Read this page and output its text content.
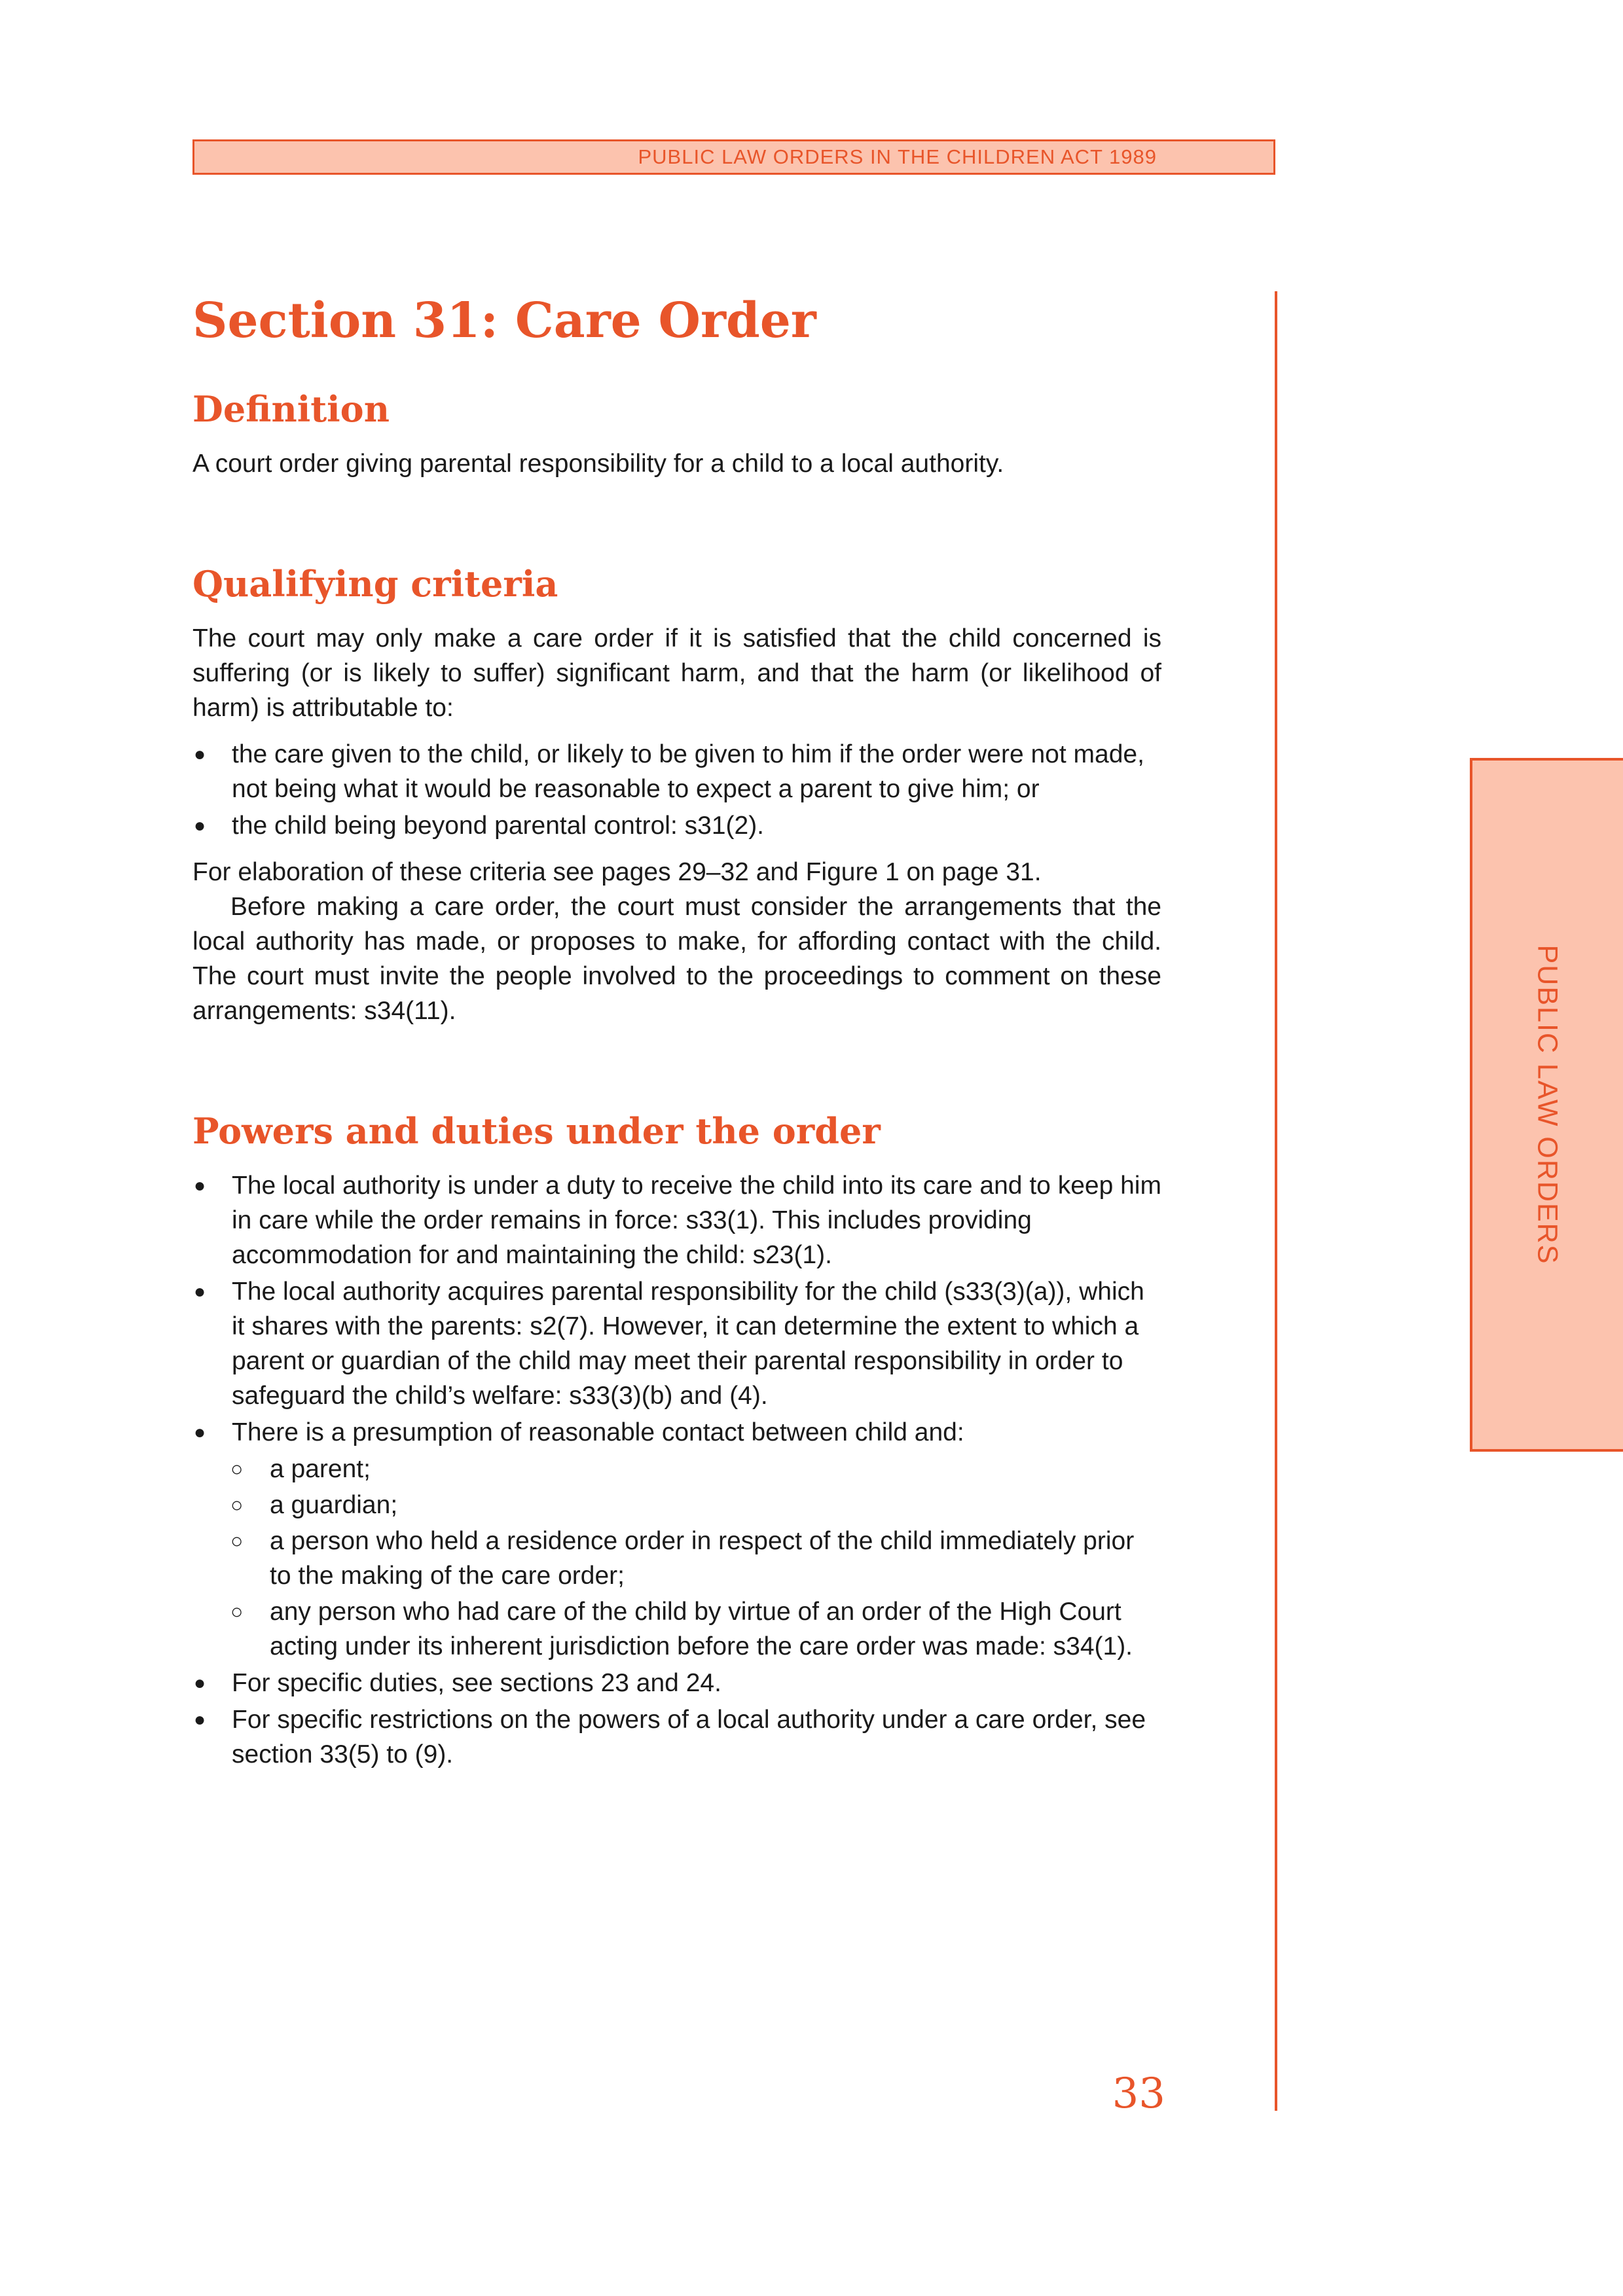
PUBLIC LAW ORDERS IN THE CHILDREN ACT 1989
PUBLIC LAW ORDERS
Section 31: Care Order
Definition

A court order giving parental responsibility for a child to a local authority.

Qualifying criteria

The court may only make a care order if it is satisfied that the child concerned is suffering (or is likely to suffer) significant harm, and that the harm (or likelihood of harm) is attributable to:

● the care given to the child, or likely to be given to him if the order were not made, not being what it would be reasonable to expect a parent to give him; or
● the child being beyond parental control: s31(2).

For elaboration of these criteria see pages 29–32 and Figure 1 on page 31.

Before making a care order, the court must consider the arrangements that the local authority has made, or proposes to make, for affording contact with the child. The court must invite the people involved to the proceedings to comment on these arrangements: s34(11).

Powers and duties under the order
● The local authority is under a duty to receive the child into its care and to keep him in care while the order remains in force: s33(1). This includes providing accommodation for and maintaining the child: s23(1).
● The local authority acquires parental responsibility for the child (s33(3)(a)), which it shares with the parents: s2(7). However, it can determine the extent to which a parent or guardian of the child may meet their parental responsibility in order to safeguard the child’s welfare: s33(3)(b) and (4).
● There is a presumption of reasonable contact between child and:
○ a parent;
○ a guardian;
○ a person who held a residence order in respect of the child immediately prior to the making of the care order;
○ any person who had care of the child by virtue of an order of the High Court acting under its inherent jurisdiction before the care order was made: s34(1).
● For specific duties, see sections 23 and 24.
● For specific restrictions on the powers of a local authority under a care order, see section 33(5) to (9).
33
